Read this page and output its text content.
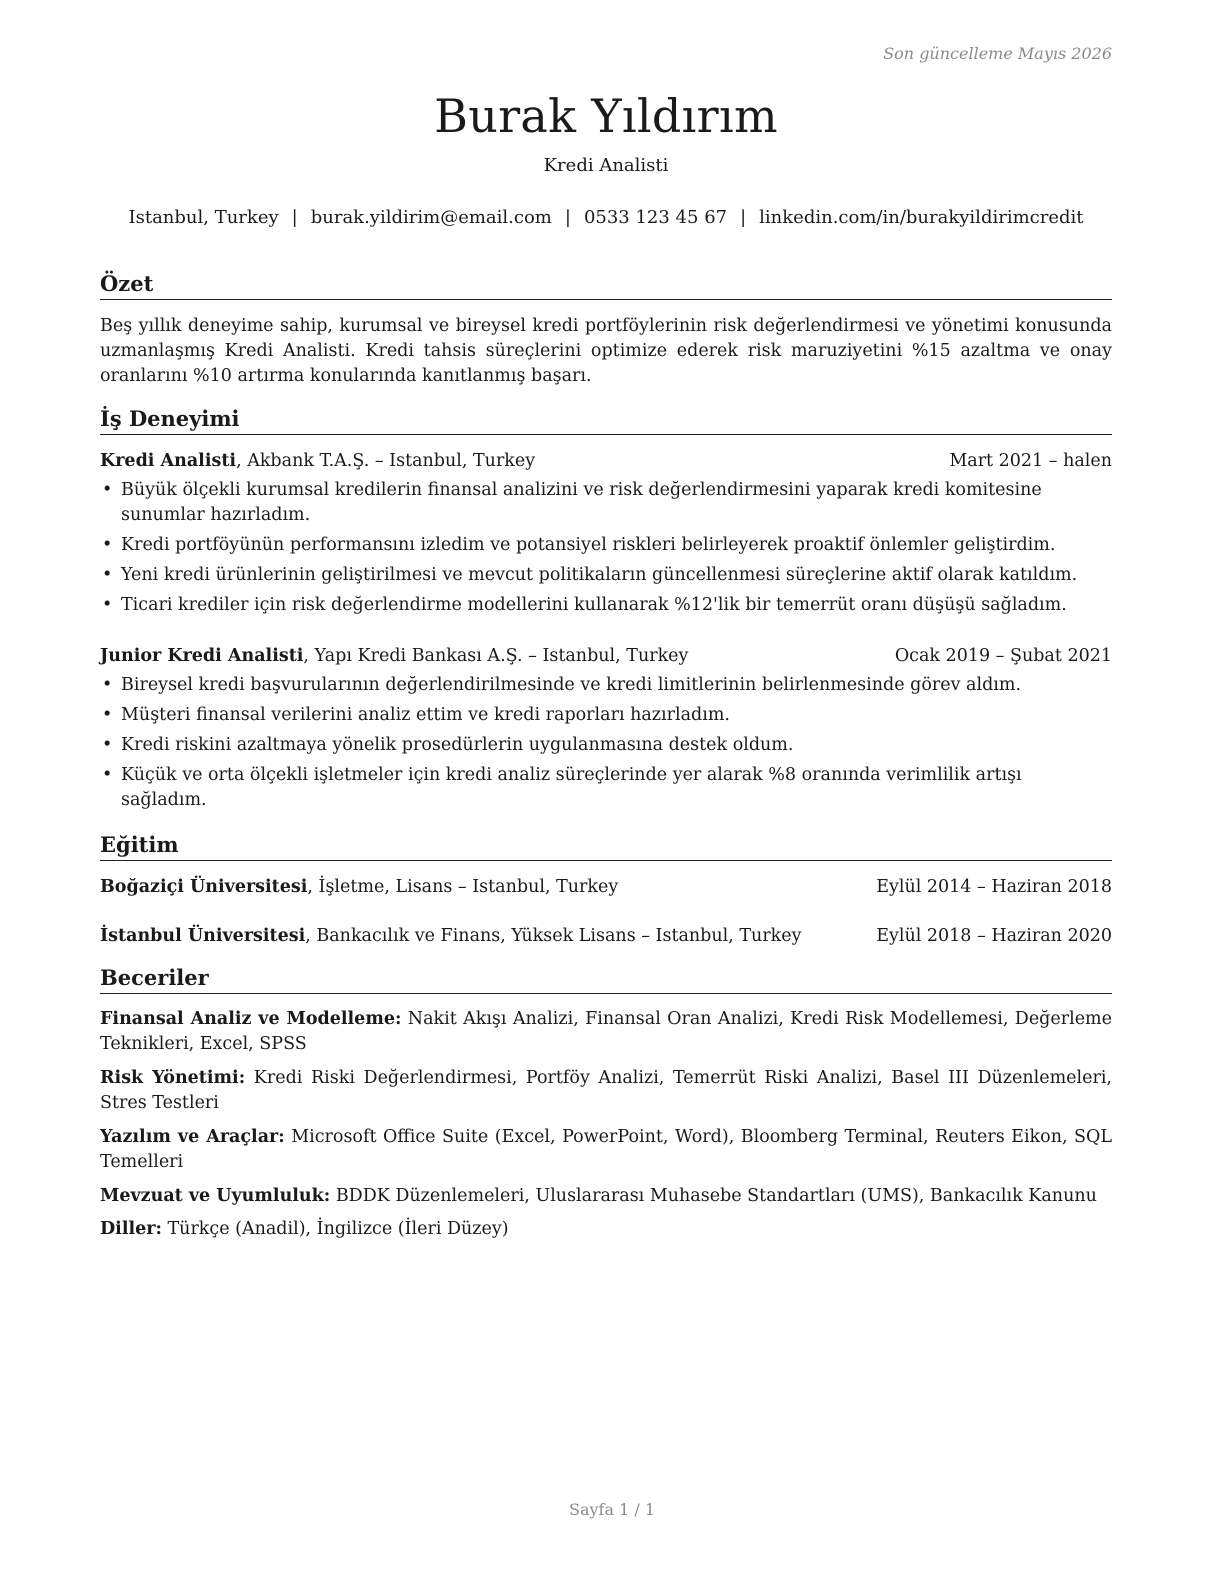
Son güncelleme Mayıs 2026
Burak Yıldırım
Kredi Analisti
Istanbul, Turkey | burak.yildirim@email.com | 0533 123 45 67 | linkedin.com/in/burakyildirimcredit
Özet

Beş yıllık deneyime sahip, kurumsal ve bireysel kredi portföylerinin risk değerlendirmesi ve yönetimi konusunda uzmanlaşmış Kredi Analisti. Kredi tahsis süreçlerini optimize ederek risk maruziyetini %15 azaltma ve onay oranlarını %10 artırma konularında kanıtlanmış başarı.

İş Deneyimi
Kredi Analisti, Akbank T.A.Ş. – Istanbul, Turkey	Mart 2021 – halen
• Büyük ölçekli kurumsal kredilerin finansal analizini ve risk değerlendirmesini yaparak kredi komitesine sunumlar hazırladım.
• Kredi portföyünün performansını izledim ve potansiyel riskleri belirleyerek proaktif önlemler geliştirdim.
• Yeni kredi ürünlerinin geliştirilmesi ve mevcut politikaların güncellenmesi süreçlerine aktif olarak katıldım.
• Ticari krediler için risk değerlendirme modellerini kullanarak %12'lik bir temerrüt oranı düşüşü sağladım.
Junior Kredi Analisti, Yapı Kredi Bankası A.Ş. – Istanbul, Turkey	Ocak 2019 – Şubat 2021
• Bireysel kredi başvurularının değerlendirilmesinde ve kredi limitlerinin belirlenmesinde görev aldım.
• Müşteri finansal verilerini analiz ettim ve kredi raporları hazırladım.
• Kredi riskini azaltmaya yönelik prosedürlerin uygulanmasına destek oldum.
• Küçük ve orta ölçekli işletmeler için kredi analiz süreçlerinde yer alarak %8 oranında verimlilik artışı sağladım.
Eğitim
Boğaziçi Üniversitesi, İşletme, Lisans – Istanbul, Turkey	Eylül 2014 – Haziran 2018
İstanbul Üniversitesi, Bankacılık ve Finans, Yüksek Lisans – Istanbul, Turkey	Eylül 2018 – Haziran 2020
Beceriler
Finansal Analiz ve Modelleme: Nakit Akışı Analizi, Finansal Oran Analizi, Kredi Risk Modellemesi, Değerleme Teknikleri, Excel, SPSS
Risk Yönetimi: Kredi Riski Değerlendirmesi, Portföy Analizi, Temerrüt Riski Analizi, Basel III Düzenlemeleri, Stres Testleri
Yazılım ve Araçlar: Microsoft Office Suite (Excel, PowerPoint, Word), Bloomberg Terminal, Reuters Eikon, SQL Temelleri
Mevzuat ve Uyumluluk: BDDK Düzenlemeleri, Uluslararası Muhasebe Standartları (UMS), Bankacılık Kanunu
Diller: Türkçe (Anadil), İngilizce (İleri Düzey)
Sayfa 1 / 1
